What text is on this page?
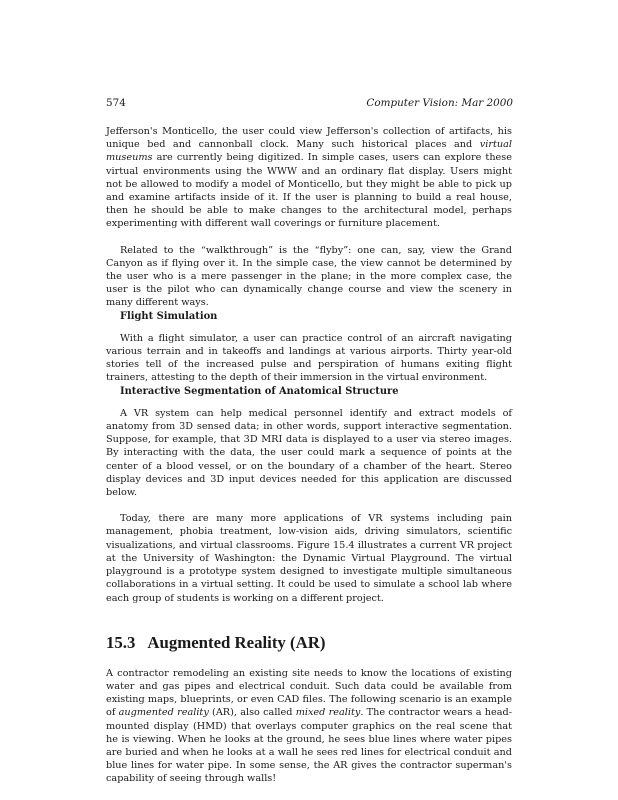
574	Computer Vision: Mar 2000

Jefferson's Monticello, the user could view Jefferson's collection of artifacts, his unique bed and cannonball clock. Many such historical places and virtual museums are currently being digitized. In simple cases, users can explore these virtual environments using the WWW and an ordinary flat display. Users might not be allowed to modify a model of Monticello, but they might be able to pick up and examine artifacts inside of it. If the user is planning to build a real house, then he should be able to make changes to the architectural model, perhaps experimenting with different wall coverings or furniture placement.

Related to the “walkthrough” is the “flyby”: one can, say, view the Grand Canyon as if flying over it. In the simple case, the view cannot be determined by the user who is a mere passenger in the plane; in the more complex case, the user is the pilot who can dynamically change course and view the scenery in many different ways.

Flight Simulation

With a flight simulator, a user can practice control of an aircraft navigating various terrain and in takeoffs and landings at various airports. Thirty year-old stories tell of the increased pulse and perspiration of humans exiting flight trainers, attesting to the depth of their immersion in the virtual environment.

Interactive Segmentation of Anatomical Structure

A VR system can help medical personnel identify and extract models of anatomy from 3D sensed data; in other words, support interactive segmentation. Suppose, for example, that 3D MRI data is displayed to a user via stereo images. By interacting with the data, the user could mark a sequence of points at the center of a blood vessel, or on the boundary of a chamber of the heart. Stereo display devices and 3D input devices needed for this application are discussed below.

Today, there are many more applications of VR systems including pain management, phobia treatment, low-vision aids, driving simulators, scientific visualizations, and virtual classrooms. Figure 15.4 illustrates a current VR project at the University of Washington: the Dynamic Virtual Playground. The virtual playground is a prototype system designed to investigate multiple simultaneous collaborations in a virtual setting. It could be used to simulate a school lab where each group of students is working on a different project.

15.3 Augmented Reality (AR)

A contractor remodeling an existing site needs to know the locations of existing water and gas pipes and electrical conduit. Such data could be available from existing maps, blueprints, or even CAD files. The following scenario is an example of augmented reality (AR), also called mixed reality. The contractor wears a head-mounted display (HMD) that overlays computer graphics on the real scene that he is viewing. When he looks at the ground, he sees blue lines where water pipes are buried and when he looks at a wall he sees red lines for electrical conduit and blue lines for water pipe. In some sense, the AR gives the contractor superman's capability of seeing through walls!
